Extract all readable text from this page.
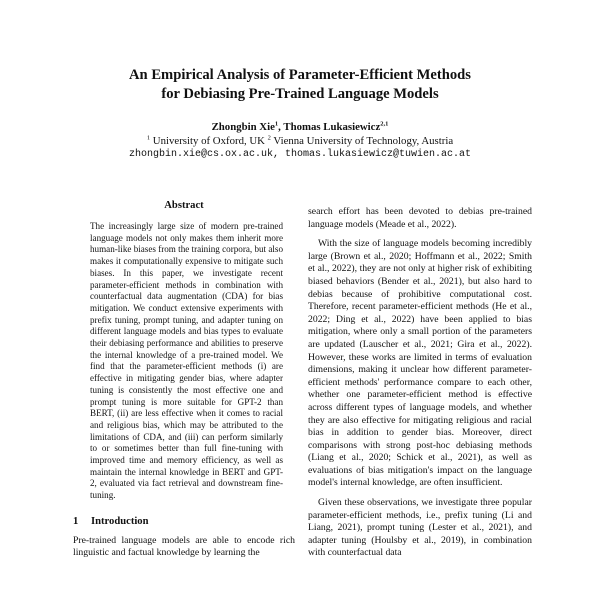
An Empirical Analysis of Parameter-Efficient Methods
for Debiasing Pre-Trained Language Models
Zhongbin Xie$^1$, Thomas Lukasiewicz$^{2,1}$
$^1$ University of Oxford, UK $^2$ Vienna University of Technology, Austria
zhongbin.xie@cs.ox.ac.uk, thomas.lukasiewicz@tuwien.ac.at
Abstract
The increasingly large size of modern pre-trained language models not only makes them inherit more human-like biases from the training corpora, but also makes it computationally expensive to mitigate such biases. In this paper, we investigate recent parameter-efficient methods in combination with counterfactual data augmentation (CDA) for bias mitigation. We conduct extensive experiments with prefix tuning, prompt tuning, and adapter tuning on different language models and bias types to evaluate their debiasing performance and abilities to preserve the internal knowledge of a pre-trained model. We find that the parameter-efficient methods (i) are effective in mitigating gender bias, where adapter tuning is consistently the most effective one and prompt tuning is more suitable for GPT-2 than BERT, (ii) are less effective when it comes to racial and religious bias, which may be attributed to the limitations of CDA, and (iii) can perform similarly to or sometimes better than full fine-tuning with improved time and memory efficiency, as well as maintain the internal knowledge in BERT and GPT-2, evaluated via fact retrieval and downstream fine-tuning.
1 Introduction

Pre-trained language models are able to encode rich linguistic and factual knowledge by learning the

search effort has been devoted to debias pre-trained language models (Meade et al., 2022).

With the size of language models becoming incredibly large (Brown et al., 2020; Hoffmann et al., 2022; Smith et al., 2022), they are not only at higher risk of exhibiting biased behaviors (Bender et al., 2021), but also hard to debias because of prohibitive computational cost. Therefore, recent parameter-efficient methods (He et al., 2022; Ding et al., 2022) have been applied to bias mitigation, where only a small portion of the parameters are updated (Lauscher et al., 2021; Gira et al., 2022). However, these works are limited in terms of evaluation dimensions, making it unclear how different parameter-efficient methods' performance compare to each other, whether one parameter-efficient method is effective across different types of language models, and whether they are also effective for mitigating religious and racial bias in addition to gender bias. Moreover, direct comparisons with strong post-hoc debiasing methods (Liang et al., 2020; Schick et al., 2021), as well as evaluations of bias mitigation's impact on the language model's internal knowledge, are often insufficient.

Given these observations, we investigate three popular parameter-efficient methods, i.e., prefix tuning (Li and Liang, 2021), prompt tuning (Lester et al., 2021), and adapter tuning (Houlsby et al., 2019), in combination with counterfactual data
